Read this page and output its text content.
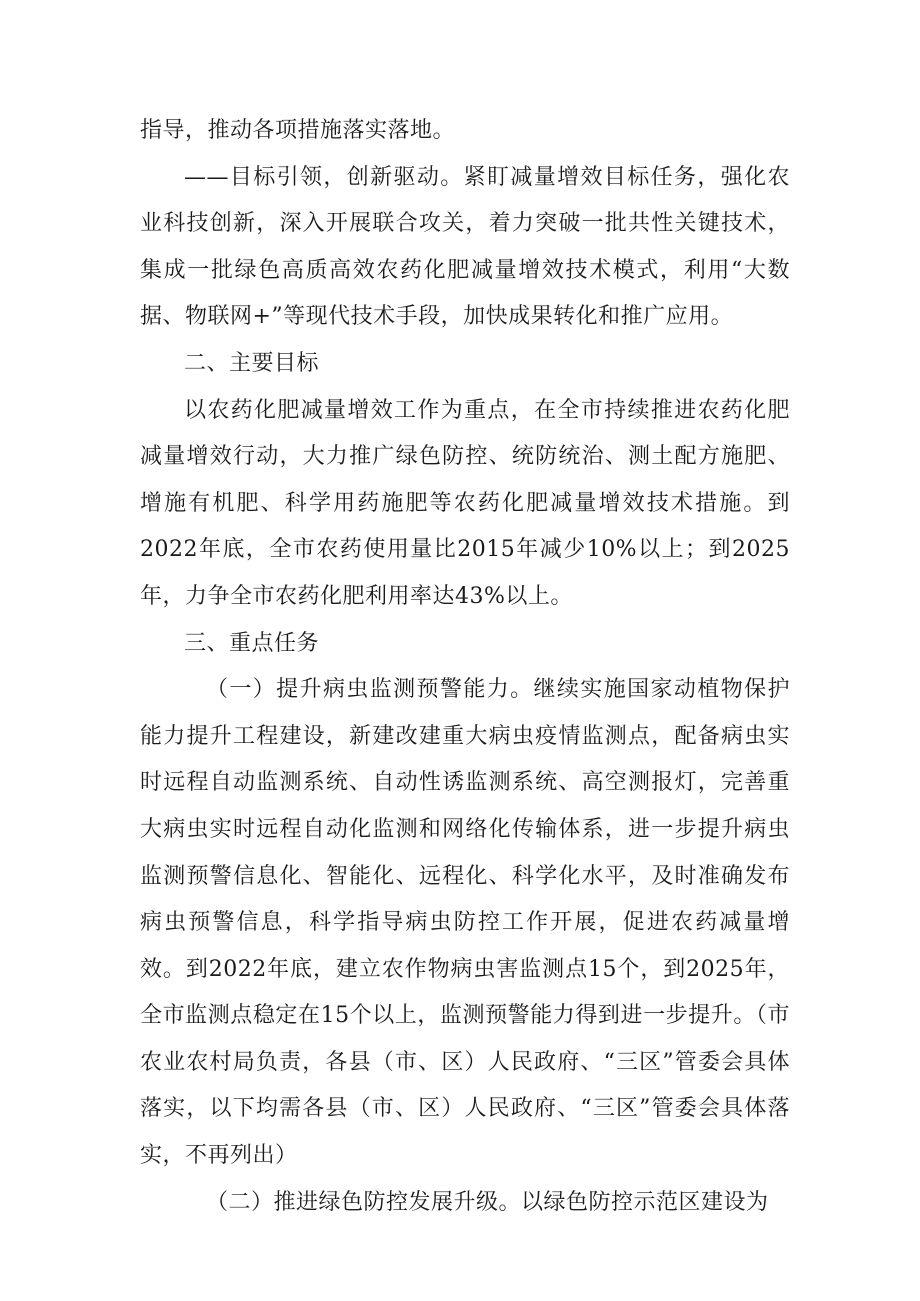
指导，推动各项措施落实落地。

——目标引领，创新驱动。紧盯减量增效目标任务，强化农业科技创新，深入开展联合攻关，着力突破一批共性关键技术，集成一批绿色高质高效农药化肥减量增效技术模式，利用“大数据、物联网+”等现代技术手段，加快成果转化和推广应用。

二、主要目标

以农药化肥减量增效工作为重点，在全市持续推进农药化肥减量增效行动，大力推广绿色防控、统防统治、测土配方施肥、增施有机肥、科学用药施肥等农药化肥减量增效技术措施。到2022年底，全市农药使用量比2015年减少10%以上；到2025年，力争全市农药化肥利用率达43%以上。

三、重点任务

（一）提升病虫监测预警能力。继续实施国家动植物保护能力提升工程建设，新建改建重大病虫疫情监测点，配备病虫实时远程自动监测系统、自动性诱监测系统、高空测报灯，完善重大病虫实时远程自动化监测和网络化传输体系，进一步提升病虫监测预警信息化、智能化、远程化、科学化水平，及时准确发布病虫预警信息，科学指导病虫防控工作开展，促进农药减量增效。到2022年底，建立农作物病虫害监测点15个，到2025年，全市监测点稳定在15个以上，监测预警能力得到进一步提升。（市农业农村局负责，各县（市、区）人民政府、“三区”管委会具体落实，以下均需各县（市、区）人民政府、“三区”管委会具体落实，不再列出）

（二）推进绿色防控发展升级。以绿色防控示范区建设为
